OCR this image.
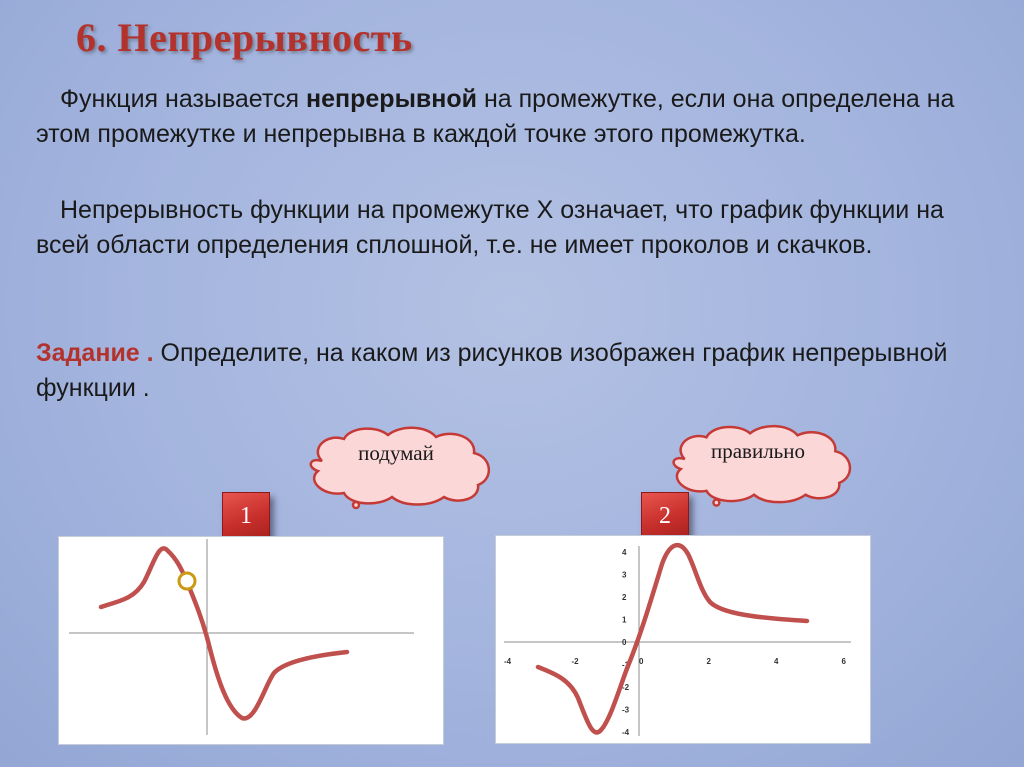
6. Непрерывность
Функция называется непрерывной на промежутке, если она определена на этом промежутке и непрерывна в каждой точке этого промежутка.
Непрерывность функции на промежутке Х означает, что график функции на всей области определения сплошной, т.е. не имеет проколов и скачков.
Задание . Определите, на каком из рисунков изображен график непрерывной функции .
подумай	правильно
1	2
-4	-2	0	2	4	6
4
3
2
1
0
-1
-2
-3
-4
